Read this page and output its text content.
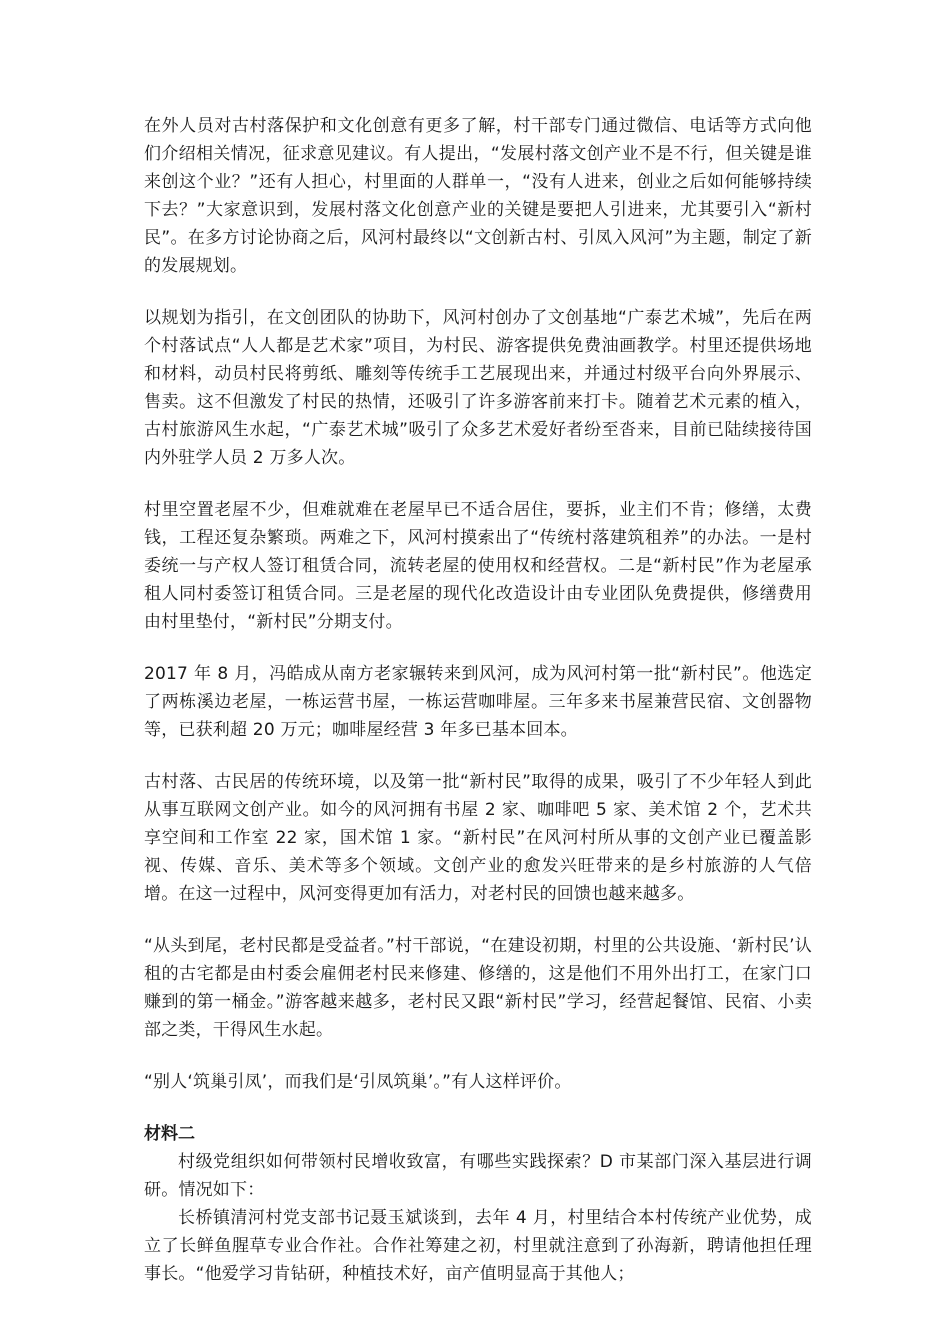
在外人员对古村落保护和文化创意有更多了解，村干部专门通过微信、电话等方式向他们介绍相关情况，征求意见建议。有人提出，“发展村落文创产业不是不行，但关键是谁来创这个业？”还有人担心，村里面的人群单一，“没有人进来，创业之后如何能够持续下去？”大家意识到，发展村落文化创意产业的关键是要把人引进来，尤其要引入“新村民”。在多方讨论协商之后，风河村最终以“文创新古村、引凤入风河”为主题，制定了新的发展规划。

以规划为指引，在文创团队的协助下，风河村创办了文创基地“广泰艺术城”，先后在两个村落试点“人人都是艺术家”项目，为村民、游客提供免费油画教学。村里还提供场地和材料，动员村民将剪纸、雕刻等传统手工艺展现出来，并通过村级平台向外界展示、售卖。这不但激发了村民的热情，还吸引了许多游客前来打卡。随着艺术元素的植入，古村旅游风生水起，“广泰艺术城”吸引了众多艺术爱好者纷至沓来，目前已陆续接待国内外驻学人员 2 万多人次。

村里空置老屋不少，但难就难在老屋早已不适合居住，要拆，业主们不肯；修缮，太费钱，工程还复杂繁琐。两难之下，风河村摸索出了“传统村落建筑租养”的办法。一是村委统一与产权人签订租赁合同，流转老屋的使用权和经营权。二是“新村民”作为老屋承租人同村委签订租赁合同。三是老屋的现代化改造设计由专业团队免费提供，修缮费用由村里垫付，“新村民”分期支付。

2017 年 8 月，冯皓成从南方老家辗转来到风河，成为风河村第一批“新村民”。他选定了两栋溪边老屋，一栋运营书屋，一栋运营咖啡屋。三年多来书屋兼营民宿、文创器物等，已获利超 20 万元；咖啡屋经营 3 年多已基本回本。

古村落、古民居的传统环境，以及第一批“新村民”取得的成果，吸引了不少年轻人到此从事互联网文创产业。如今的风河拥有书屋 2 家、咖啡吧 5 家、美术馆 2 个，艺术共享空间和工作室 22 家，国术馆 1 家。“新村民”在风河村所从事的文创产业已覆盖影视、传媒、音乐、美术等多个领域。文创产业的愈发兴旺带来的是乡村旅游的人气倍增。在这一过程中，风河变得更加有活力，对老村民的回馈也越来越多。

“从头到尾，老村民都是受益者。”村干部说，“在建设初期，村里的公共设施、‘新村民’认租的古宅都是由村委会雇佣老村民来修建、修缮的，这是他们不用外出打工，在家门口赚到的第一桶金。”游客越来越多，老村民又跟“新村民”学习，经营起餐馆、民宿、小卖部之类，干得风生水起。

“别人‘筑巢引凤’，而我们是‘引凤筑巢’。”有人这样评价。

材料二

村级党组织如何带领村民增收致富，有哪些实践探索？D 市某部门深入基层进行调研。情况如下：

长桥镇清河村党支部书记聂玉斌谈到，去年 4 月，村里结合本村传统产业优势，成立了长鲜鱼腥草专业合作社。合作社筹建之初，村里就注意到了孙海新，聘请他担任理事长。“他爱学习肯钻研，种植技术好，亩产值明显高于其他人；
